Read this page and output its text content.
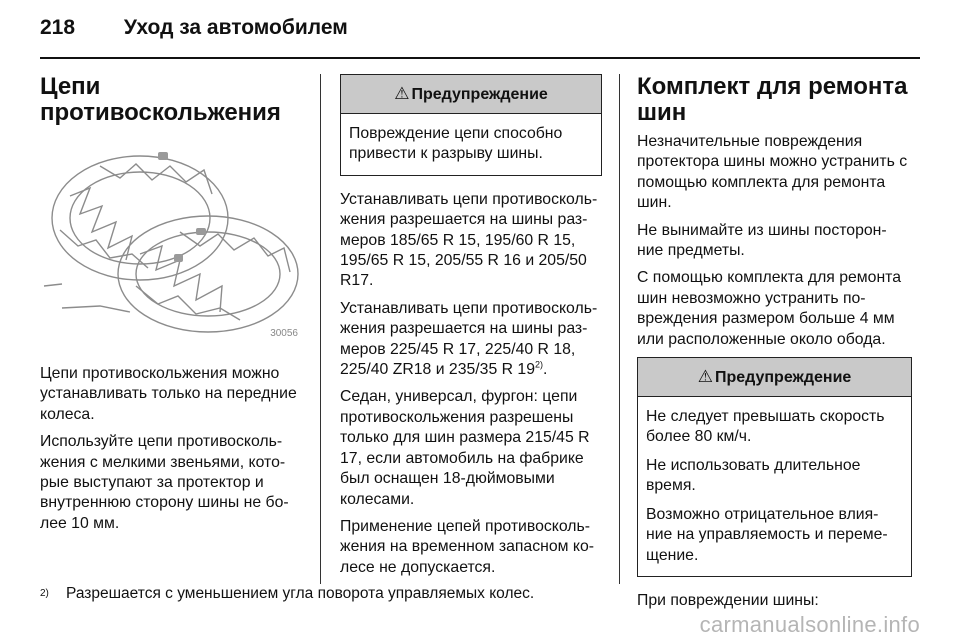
218 Уход за автомобилем
Цепи
противоскольжения
30056

Цепи противоскольжения можно устанавливать только на передние колеса.

Используйте цепи противосколь-жения с мелкими звеньями, кото-рые выступают за протектор и внутреннюю сторону шины не бо-лее 10 мм.

⚠ Предупреждение

Повреждение цепи способно привести к разрыву шины.

Устанавливать цепи противосколь-жения разрешается на шины раз-меров 185/65 R 15, 195/60 R 15, 195/65 R 15, 205/55 R 16 и 205/50 R17.

Устанавливать цепи противосколь-жения разрешается на шины раз-меров 225/45 R 17, 225/40 R 18, 225/40 ZR18 и 235/35 R 19$^{2)}$.

Седан, универсал, фургон: цепи противоскольжения разрешены только для шин размера 215/45 R 17, если автомобиль на фабрике был оснащен 18-дюймовыми колесами.

Применение цепей противосколь-жения на временном запасном ко-лесе не допускается.

Комплект для ремонта
шин

Незначительные повреждения протектора шины можно устранить с помощью комплекта для ремонта шин.

Не вынимайте из шины посторон-ние предметы.

С помощью комплекта для ремонта шин невозможно устранить по-вреждения размером больше 4 мм или расположенные около обода.

⚠ Предупреждение

Не следует превышать скорость более 80 км/ч.

Не использовать длительное время.

Возможно отрицательное влия-ние на управляемость и переме-щение.

При повреждении шины:

2) Разрешается с уменьшением угла поворота управляемых колес.
carmanualsonline.info
